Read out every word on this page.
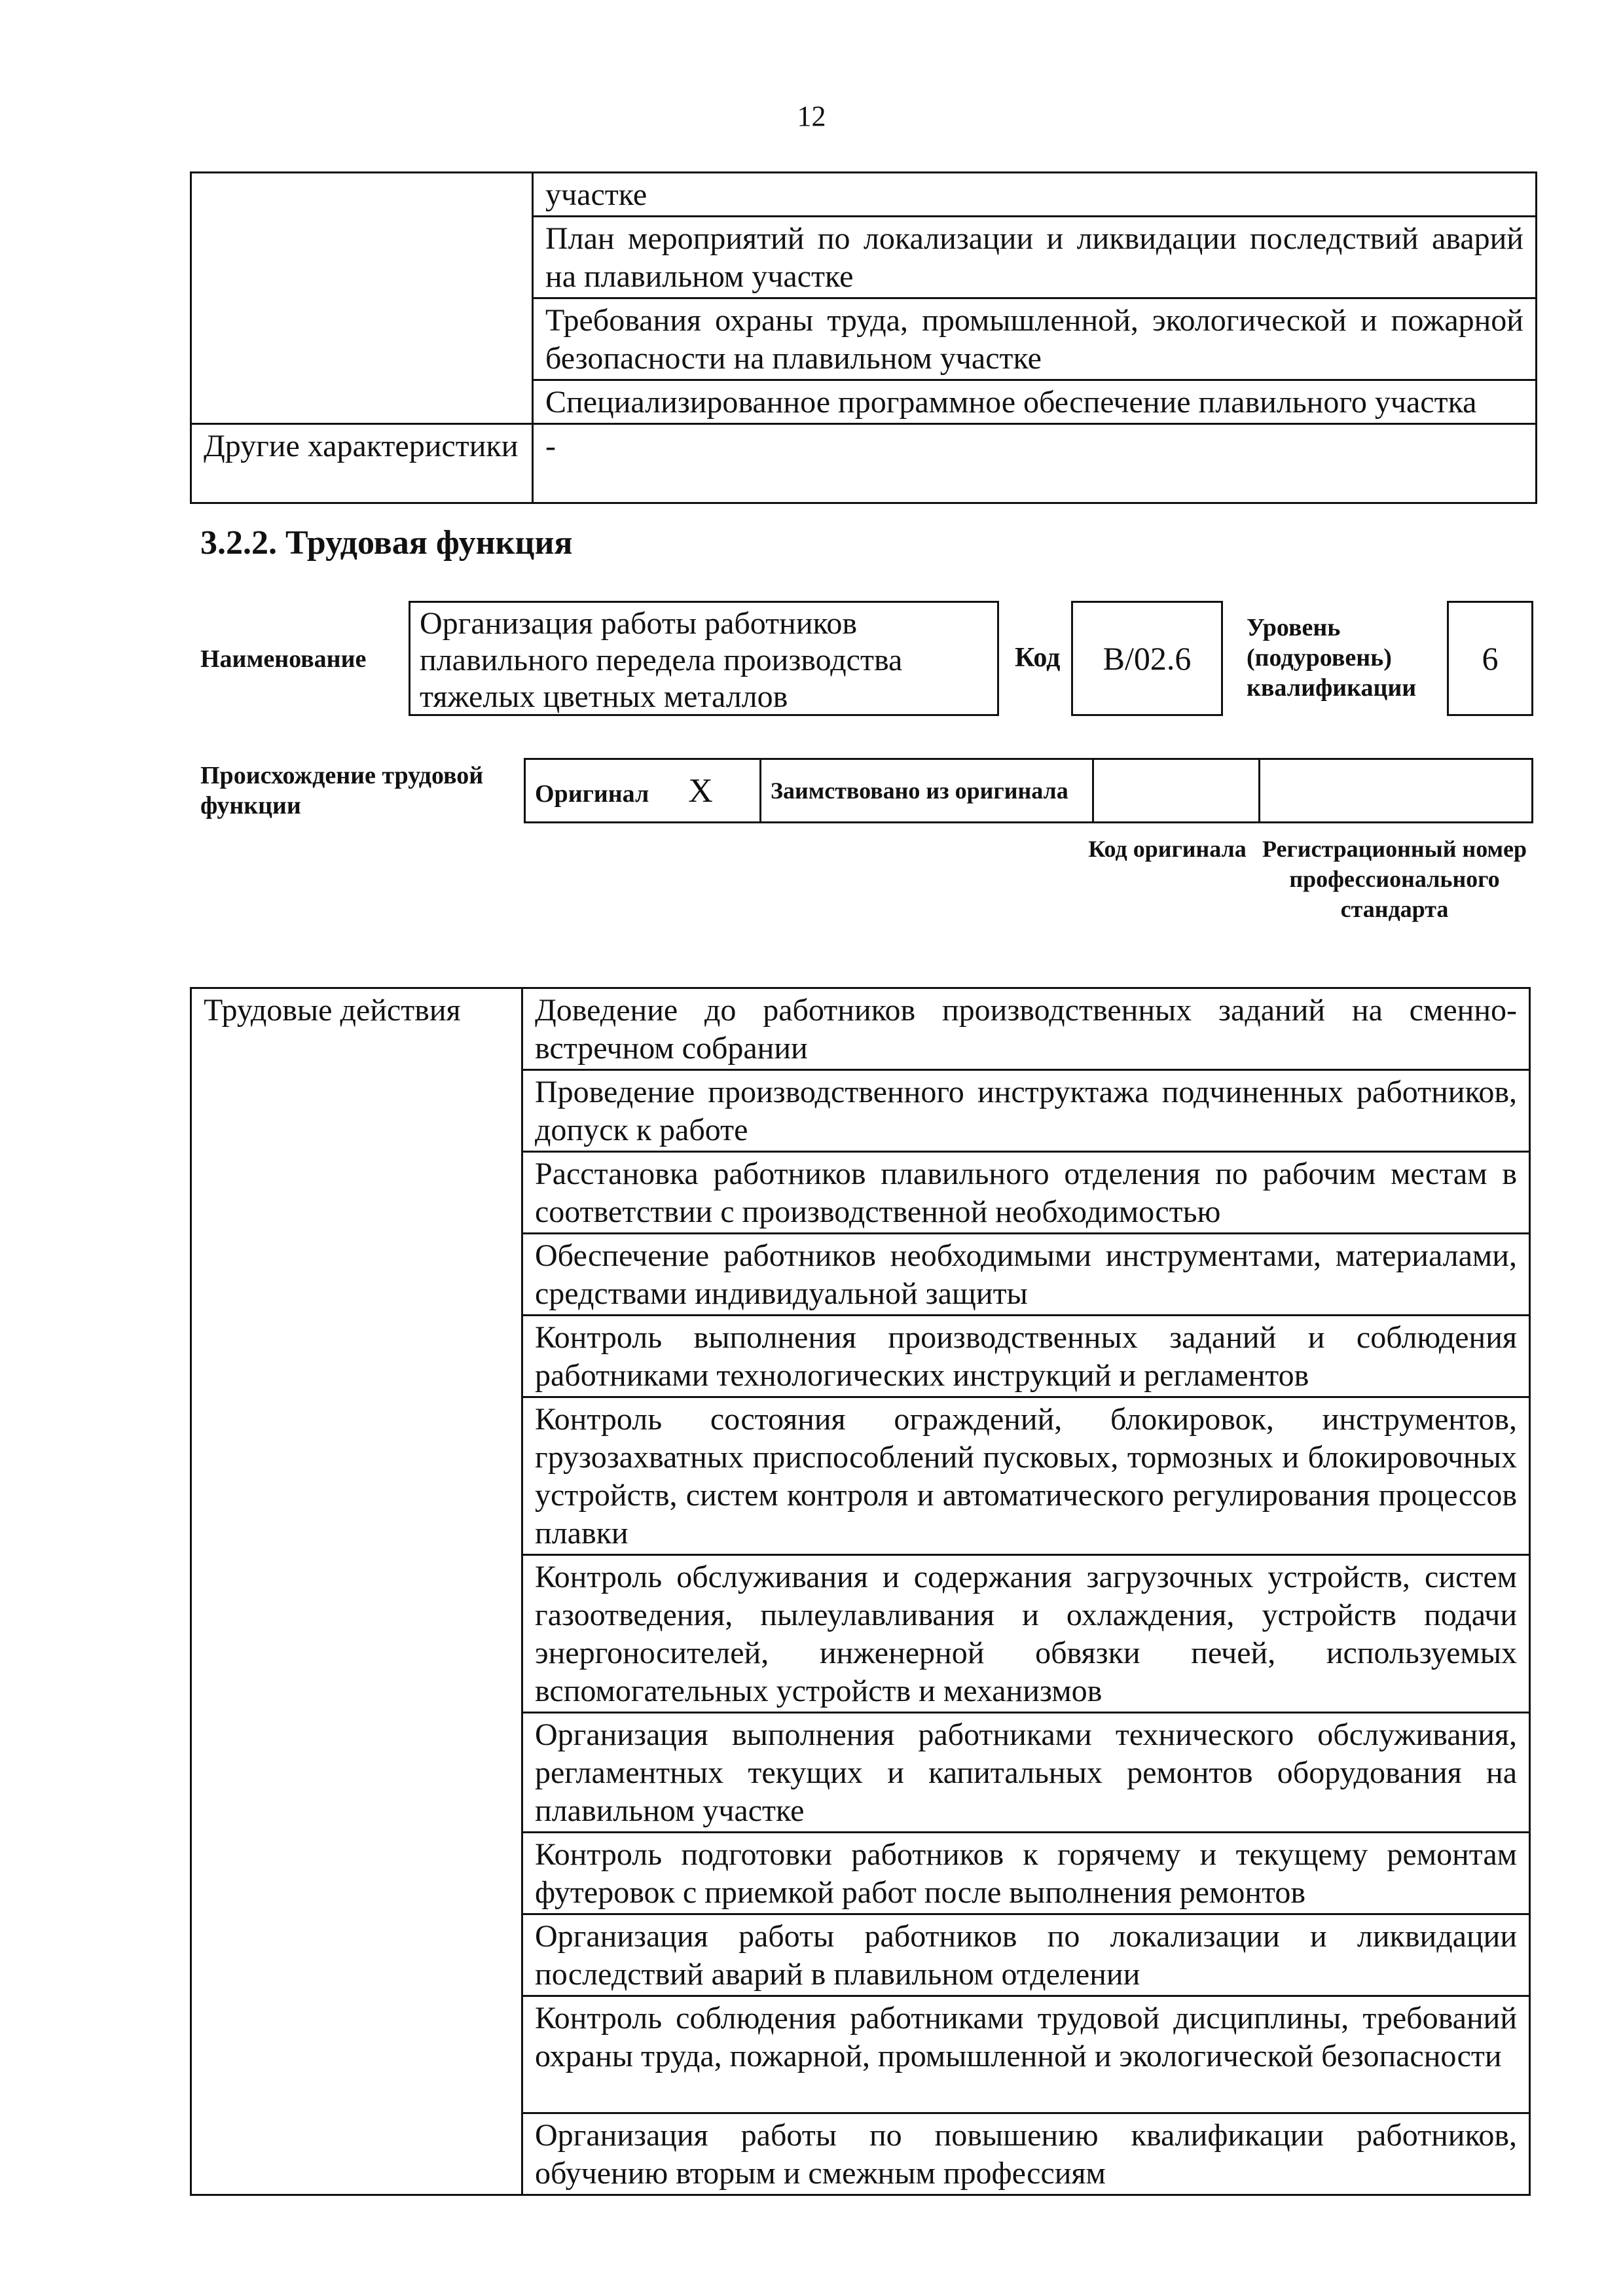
12
	участке
	План мероприятий по локализации и ликвидации последствий аварий на плавильном участке
	Требования охраны труда, промышленной, экологической и пожарной безопасности на плавильном участке
	Специализированное программное обеспечение плавильного участка
Другие характеристики	-
3.2.2. Трудовая функция
Наименование
Организация работы работников плавильного передела производства тяжелых цветных металлов
Код	B/02.6
Уровень (подуровень) квалификации
6
Происхождение трудовой функции	Оригинал X	Заимствовано из оригинала		
Код оригинала Регистрационный номер профессионального стандарта
Трудовые действия	Доведение до работников производственных заданий на сменно-встречном собрании
Проведение производственного инструктажа подчиненных работников, допуск к работе
Расстановка работников плавильного отделения по рабочим местам в соответствии с производственной необходимостью
Обеспечение работников необходимыми инструментами, материалами, средствами индивидуальной защиты
Контроль выполнения производственных заданий и соблюдения работниками технологических инструкций и регламентов
Контроль состояния ограждений, блокировок, инструментов, грузозахватных приспособлений пусковых, тормозных и блокировочных устройств, систем контроля и автоматического регулирования процессов плавки
Контроль обслуживания и содержания загрузочных устройств, систем газоотведения, пылеулавливания и охлаждения, устройств подачи энергоносителей, инженерной обвязки печей, используемых вспомогательных устройств и механизмов
Организация выполнения работниками технического обслуживания, регламентных текущих и капитальных ремонтов оборудования на плавильном участке
Контроль подготовки работников к горячему и текущему ремонтам футеровок с приемкой работ после выполнения ремонтов
Организация работы работников по локализации и ликвидации последствий аварий в плавильном отделении
Контроль соблюдения работниками трудовой дисциплины, требований охраны труда, пожарной, промышленной и экологической безопасности
Организация работы по повышению квалификации работников, обучению вторым и смежным профессиям
